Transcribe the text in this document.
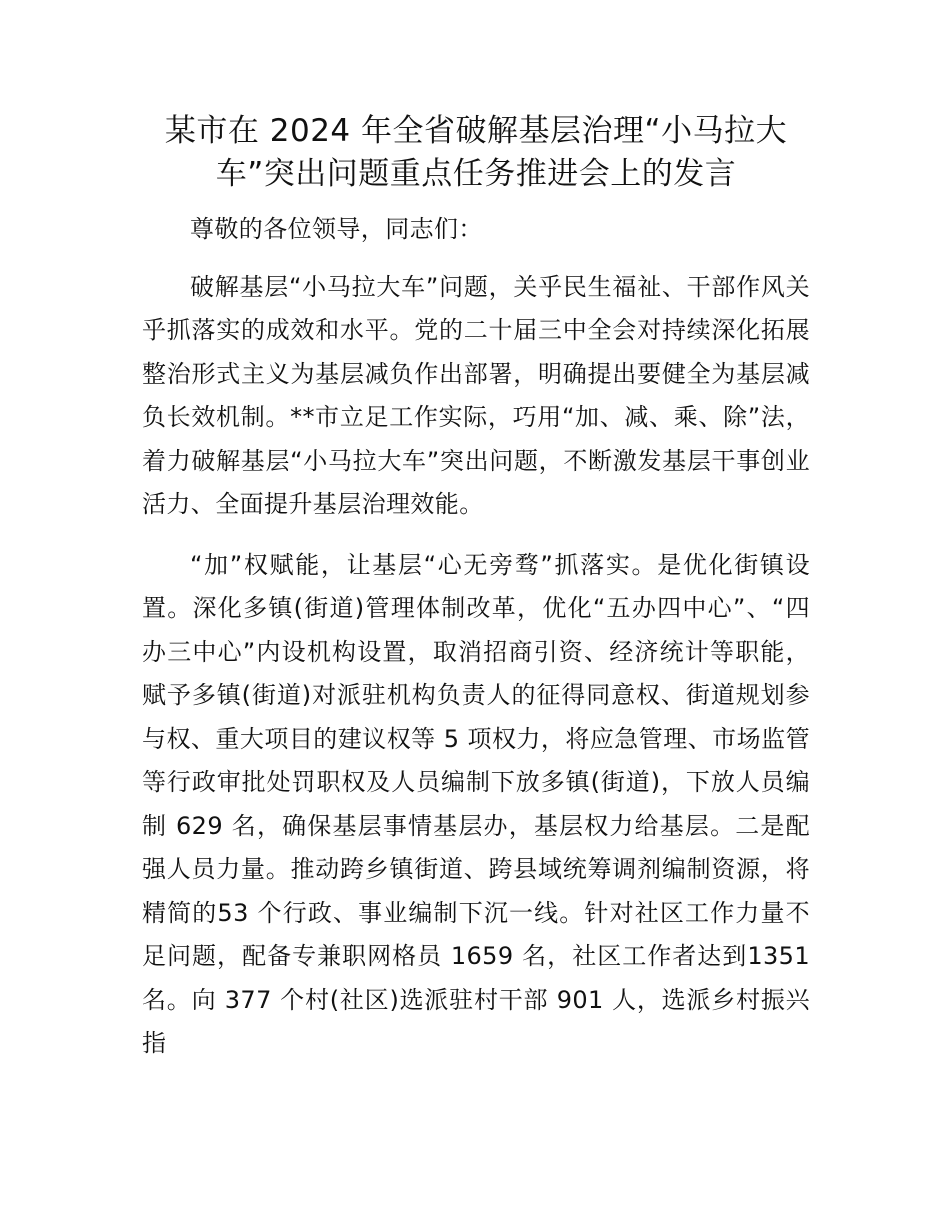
某市在 2024 年全省破解基层治理“小马拉大
车”突出问题重点任务推进会上的发言

尊敬的各位领导，同志们：

破解基层“小马拉大车”问题，关乎民生福祉、干部作风关乎抓落实的成效和水平。党的二十届三中全会对持续深化拓展整治形式主义为基层减负作出部署，明确提出要健全为基层减负长效机制。**市立足工作实际，巧用“加、减、乘、除”法，着力破解基层“小马拉大车”突出问题，不断激发基层干事创业活力、全面提升基层治理效能。

“加”权赋能，让基层“心无旁骛”抓落实。是优化街镇设置。深化多镇(街道)管理体制改革，优化“五办四中心”、“四办三中心”内设机构设置，取消招商引资、经济统计等职能，赋予多镇(街道)对派驻机构负责人的征得同意权、街道规划参与权、重大项目的建议权等 5 项权力，将应急管理、市场监管等行政审批处罚职权及人员编制下放多镇(街道)，下放人员编制 629 名，确保基层事情基层办，基层权力给基层。二是配强人员力量。推动跨乡镇街道、跨县域统筹调剂编制资源，将精简的53 个行政、事业编制下沉一线。针对社区工作力量不足问题，配备专兼职网格员 1659 名，社区工作者达到1351 名。向 377 个村(社区)选派驻村干部 901 人，选派乡村振兴指
